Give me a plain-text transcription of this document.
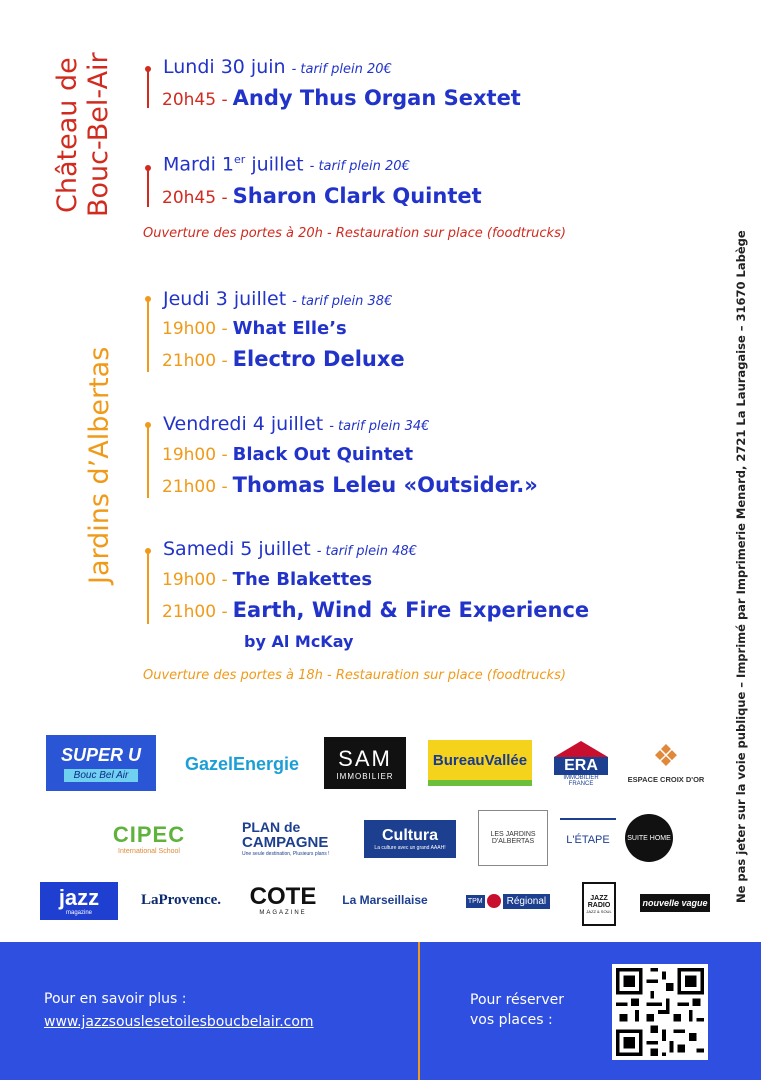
Château de Bouc-Bel-Air
Jardins d’Albertas
Lundi 30 juin - tarif plein 20€
20h45 - Andy Thus Organ Sextet
Mardi 1er juillet - tarif plein 20€
20h45 - Sharon Clark Quintet
Ouverture des portes à 20h - Restauration sur place (foodtrucks)
Jeudi 3 juillet - tarif plein 38€
19h00 - What Elle’s
21h00 - Electro Deluxe
Vendredi 4 juillet - tarif plein 34€
19h00 - Black Out Quintet
21h00 - Thomas Leleu «Outsider.»
Samedi 5 juillet - tarif plein 48€
19h00 - The Blakettes
21h00 - Earth, Wind & Fire Experience
by Al McKay
Ouverture des portes à 18h - Restauration sur place (foodtrucks)	Ne pas jeter sur la voie publique – Imprimé par Imprimerie Menard, 2721 La Lauragaise – 31670 Labège
SUPER U
Bouc Bel Air
GazelEnergie	SAM
IMMOBILIER
BureauVallée	ERA
IMMOBILIER FRANCE
❖
ESPACE CROIX D'OR
CIPEC
International School
PLAN de
CAMPAGNE
Une seule destination, Plusieurs plans !
Cultura
La culture avec un grand AAAH!
LES JARDINS D'ALBERTAS	L'ÉTAPE	SUITE HOME
jazz
magazine
LaProvence.	COTE
MAGAZINE
La Marseillaise	TPM	Régional	JAZZ RADIO
JAZZ & SOUL
nouvelle vague
Pour en savoir plus :
www.jazzsouslesetoilesboucbelair.com
Pour réserver
vos places :
